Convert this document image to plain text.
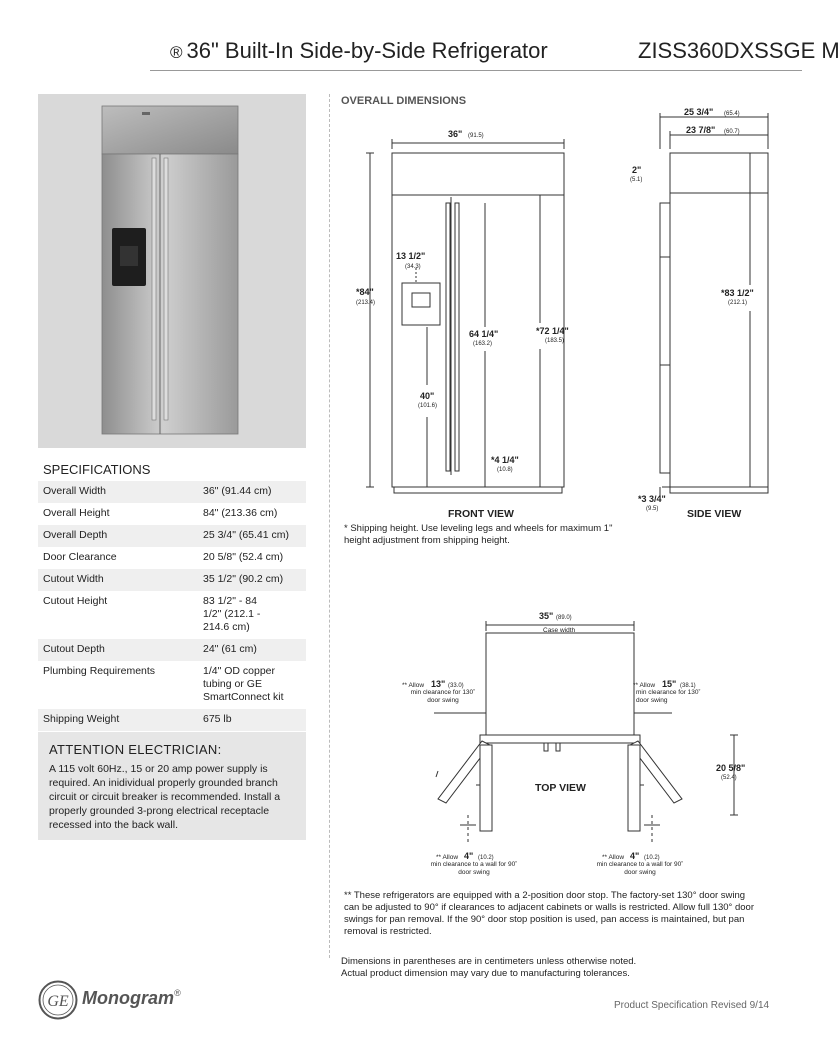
® 36" Built-In Side-by-Side Refrigerator	ZISS360DXSSGE M
SPECIFICATIONS
Overall Width	36" (91.44 cm)
Overall Height	84" (213.36 cm)
Overall Depth	25 3/4" (65.41 cm)
Door Clearance	20 5/8" (52.4 cm)
Cutout Width	35 1/2" (90.2 cm)
Cutout Height	83 1/2" - 84 1/2" (212.1 - 214.6 cm)
Cutout Depth	24" (61 cm)
Plumbing Requirements	1/4" OD copper tubing or GE SmartConnect kit
Shipping Weight	675 lb
ATTENTION ELECTRICIAN:
A 115 volt 60Hz., 15 or 20 amp power supply is required. An inidividual properly grounded branch circuit or circuit breaker is recommended. Install a properly grounded 3-prong electrical receptacle recessed into the back wall.
OVERALL DIMENSIONS
36" (91.5)
*84"
(213.4)
13 1/2"
(34.3)
40"
(101.6)
64 1/4"
(163.2)
*72 1/4"
(183.5)
*4 1/4"
(10.8)
FRONT VIEW
25 3/4" (65.4)
23 7/8" (60.7)
2"
(5.1)
*83 1/2"
(212.1)
*3 3/4"
(9.5)	SIDE VIEW
* Shipping height. Use leveling legs and wheels for maximum 1" height adjustment from shipping height.
35" (89.0)
Case width
** Allow 13" (33.0)
min clearance for 130˚ door swing
** Allow 15" (38.1)
min clearance for 130˚ door swing
20 5/8"
(52.4)
TOP VIEW
** Allow 4" (10.2)
min clearance to a wall for 90˚ door swing
** Allow 4" (10.2)
min clearance to a wall for 90˚ door swing
** These refrigerators are equipped with a 2-position door stop. The factory-set 130° door swing can be adjusted to 90° if clearances to adjacent cabinets or walls is restricted. Allow full 130° door swings for pan removal. If the 90° door stop position is used, pan access is maintained, but pan removal is restricted.
Dimensions in parentheses are in centimeters unless otherwise noted.
Actual product dimension may vary due to manufacturing tolerances.
GE Monogram®
Product Specification Revised 9/14
